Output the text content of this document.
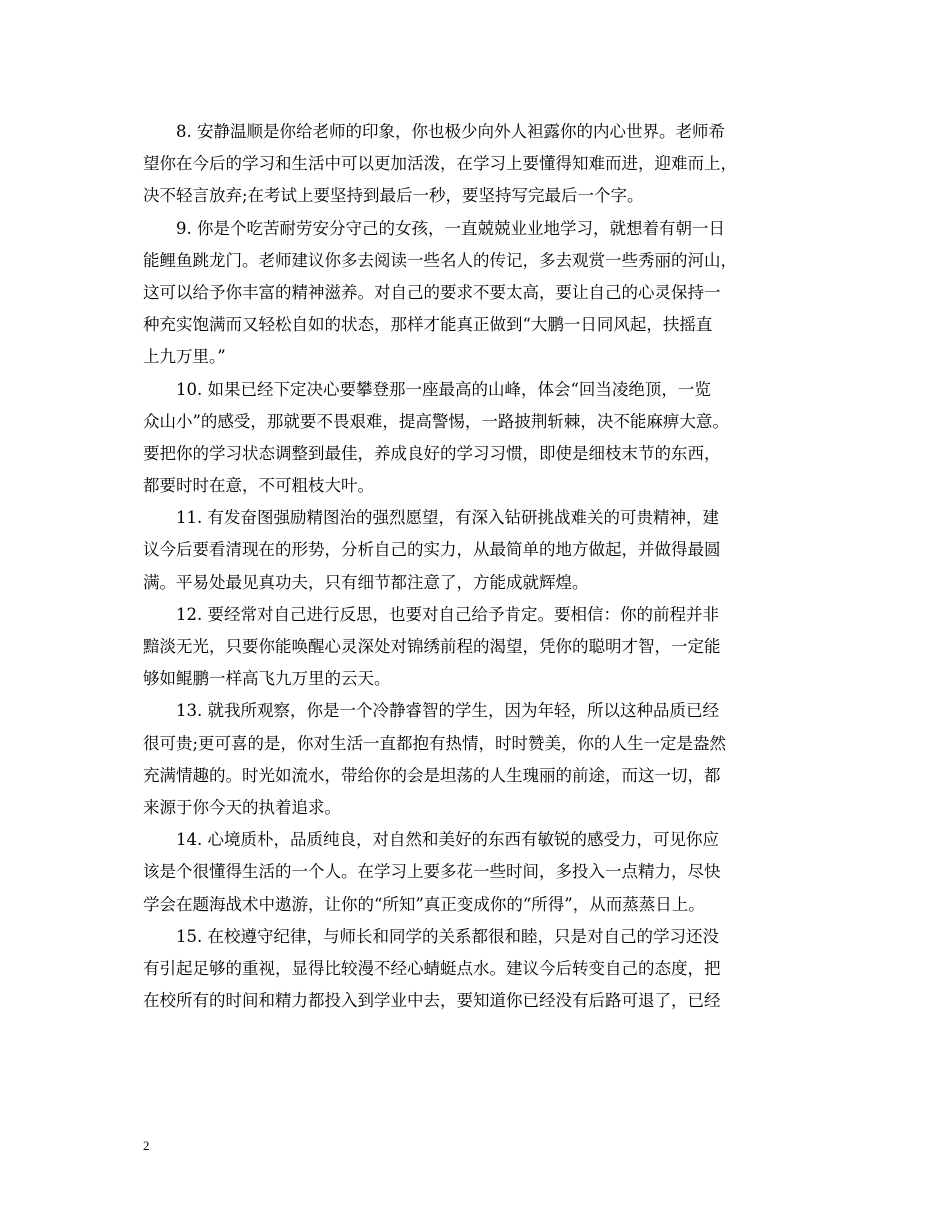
8. 安静温顺是你给老师的印象，你也极少向外人袒露你的内心世界。老师希
望你在今后的学习和生活中可以更加活泼，在学习上要懂得知难而进，迎难而上，
决不轻言放弃;在考试上要坚持到最后一秒，要坚持写完最后一个字。
9. 你是个吃苦耐劳安分守己的女孩，一直兢兢业业地学习，就想着有朝一日
能鲤鱼跳龙门。老师建议你多去阅读一些名人的传记，多去观赏一些秀丽的河山，
这可以给予你丰富的精神滋养。对自己的要求不要太高，要让自己的心灵保持一
种充实饱满而又轻松自如的状态，那样才能真正做到“大鹏一日同风起，扶摇直
上九万里。”
10. 如果已经下定决心要攀登那一座最高的山峰，体会“回当凌绝顶，一览
众山小”的感受，那就要不畏艰难，提高警惕，一路披荆斩棘，决不能麻痹大意。
要把你的学习状态调整到最佳，养成良好的学习习惯，即使是细枝末节的东西，
都要时时在意，不可粗枝大叶。
11. 有发奋图强励精图治的强烈愿望，有深入钻研挑战难关的可贵精神，建
议今后要看清现在的形势，分析自己的实力，从最简单的地方做起，并做得最圆
满。平易处最见真功夫，只有细节都注意了，方能成就辉煌。
12. 要经常对自己进行反思，也要对自己给予肯定。要相信：你的前程并非
黯淡无光，只要你能唤醒心灵深处对锦绣前程的渴望，凭你的聪明才智，一定能
够如鲲鹏一样高飞九万里的云天。
13. 就我所观察，你是一个冷静睿智的学生，因为年轻，所以这种品质已经
很可贵;更可喜的是，你对生活一直都抱有热情，时时赞美，你的人生一定是盎然
充满情趣的。时光如流水，带给你的会是坦荡的人生瑰丽的前途，而这一切，都
来源于你今天的执着追求。
14. 心境质朴，品质纯良，对自然和美好的东西有敏锐的感受力，可见你应
该是个很懂得生活的一个人。在学习上要多花一些时间，多投入一点精力，尽快
学会在题海战术中遨游，让你的“所知”真正变成你的“所得”，从而蒸蒸日上。
15. 在校遵守纪律，与师长和同学的关系都很和睦，只是对自己的学习还没
有引起足够的重视，显得比较漫不经心蜻蜓点水。建议今后转变自己的态度，把
在校所有的时间和精力都投入到学业中去，要知道你已经没有后路可退了，已经
2
